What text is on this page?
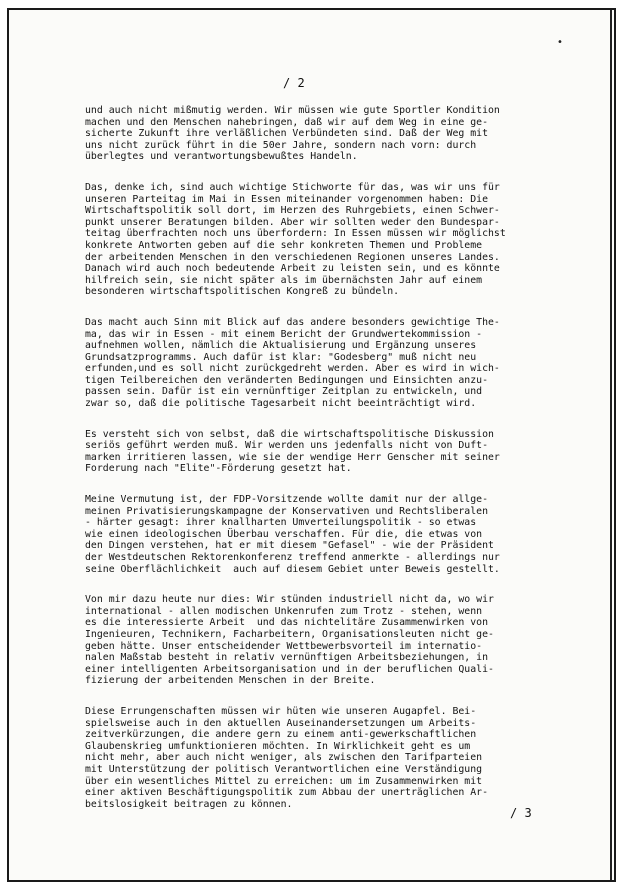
•
/ 2
und auch nicht mißmutig werden. Wir müssen wie gute Sportler Kondition
machen und den Menschen nahebringen, daß wir auf dem Weg in eine ge-
sicherte Zukunft ihre verläßlichen Verbündeten sind. Daß der Weg mit
uns nicht zurück führt in die 50er Jahre, sondern nach vorn: durch
überlegtes und verantwortungsbewußtes Handeln.
Das, denke ich, sind auch wichtige Stichworte für das, was wir uns für
unseren Parteitag im Mai in Essen miteinander vorgenommen haben: Die
Wirtschaftspolitik soll dort, im Herzen des Ruhrgebiets, einen Schwer-
punkt unserer Beratungen bilden. Aber wir sollten weder den Bundespar-
teitag überfrachten noch uns überfordern: In Essen müssen wir möglichst
konkrete Antworten geben auf die sehr konkreten Themen und Probleme
der arbeitenden Menschen in den verschiedenen Regionen unseres Landes.
Danach wird auch noch bedeutende Arbeit zu leisten sein, und es könnte
hilfreich sein, sie nicht später als im übernächsten Jahr auf einem
besonderen wirtschaftspolitischen Kongreß zu bündeln.
Das macht auch Sinn mit Blick auf das andere besonders gewichtige The-
ma, das wir in Essen - mit einem Bericht der Grundwertekommission -
aufnehmen wollen, nämlich die Aktualisierung und Ergänzung unseres
Grundsatzprogramms. Auch dafür ist klar: "Godesberg" muß nicht neu
erfunden,und es soll nicht zurückgedreht werden. Aber es wird in wich-
tigen Teilbereichen den veränderten Bedingungen und Einsichten anzu-
passen sein. Dafür ist ein vernünftiger Zeitplan zu entwickeln, und
zwar so, daß die politische Tagesarbeit nicht beeinträchtigt wird.
Es versteht sich von selbst, daß die wirtschaftspolitische Diskussion
seriös geführt werden muß. Wir werden uns jedenfalls nicht von Duft-
marken irritieren lassen, wie sie der wendige Herr Genscher mit seiner
Forderung nach "Elite"-Förderung gesetzt hat.
Meine Vermutung ist, der FDP-Vorsitzende wollte damit nur der allge-
meinen Privatisierungskampagne der Konservativen und Rechtsliberalen
- härter gesagt: ihrer knallharten Umverteilungspolitik - so etwas
wie einen ideologischen Überbau verschaffen. Für die, die etwas von
den Dingen verstehen, hat er mit diesem "Gefasel" - wie der Präsident
der Westdeutschen Rektorenkonferenz treffend anmerkte - allerdings nur
seine Oberflächlichkeit  auch auf diesem Gebiet unter Beweis gestellt.
Von mir dazu heute nur dies: Wir stünden industriell nicht da, wo wir
international - allen modischen Unkenrufen zum Trotz - stehen, wenn
es die interessierte Arbeit  und das nichtelitäre Zusammenwirken von
Ingenieuren, Technikern, Facharbeitern, Organisationsleuten nicht ge-
geben hätte. Unser entscheidender Wettbewerbsvorteil im internatio-
nalen Maßstab besteht in relativ vernünftigen Arbeitsbeziehungen, in
einer intelligenten Arbeitsorganisation und in der beruflichen Quali-
fizierung der arbeitenden Menschen in der Breite.
Diese Errungenschaften müssen wir hüten wie unseren Augapfel. Bei-
spielsweise auch in den aktuellen Auseinandersetzungen um Arbeits-
zeitverkürzungen, die andere gern zu einem anti-gewerkschaftlichen
Glaubenskrieg umfunktionieren möchten. In Wirklichkeit geht es um
nicht mehr, aber auch nicht weniger, als zwischen den Tarifparteien
mit Unterstützung der politisch Verantwortlichen eine Verständigung
über ein wesentliches Mittel zu erreichen: um im Zusammenwirken mit
einer aktiven Beschäftigungspolitik zum Abbau der unerträglichen Ar-
beitslosigkeit beitragen zu können.
/ 3
